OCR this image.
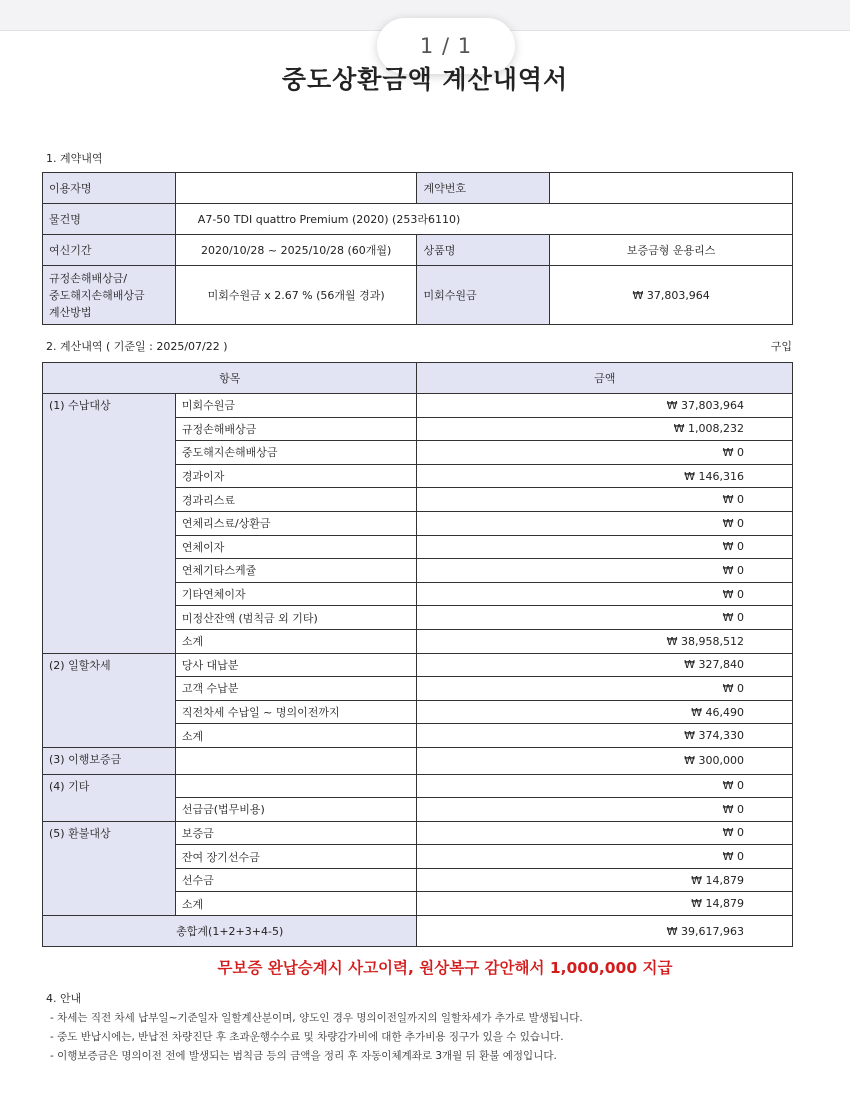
1 / 1
중도상환금액 계산내역서
1. 계약내역
이용자명		계약번호	
물건명	A7-50 TDI quattro Premium (2020) (253라6110)		
여신기간	2020/10/28 ~ 2025/10/28 (60개월)	상품명	보증금형 운용리스

규정손해배상금/
중도해지손해배상금
계산방법	미회수원금 x 2.67 % (56개월 경과)	미회수원금	₩ 37,803,964
2. 계산내역 ( 기준일 : 2025/07/22 )	구입
항목		금액
(1) 수납대상	미회수원금	₩ 37,803,964
	규정손해배상금	₩ 1,008,232
	중도해지손해배상금	₩ 0
	경과이자	₩ 146,316
	경과리스료	₩ 0
	연체리스료/상환금	₩ 0
	연체이자	₩ 0
	연체기타스케쥴	₩ 0
	기타연체이자	₩ 0
	미정산잔액 (범칙금 외 기타)	₩ 0
	소계	₩ 38,958,512
(2) 일할차세	당사 대납분	₩ 327,840
	고객 수납분	₩ 0
	직전차세 수납일 ~ 명의이전까지	₩ 46,490
	소계	₩ 374,330
(3) 이행보증금		₩ 300,000
(4) 기타		₩ 0
	선급금(법무비용)	₩ 0
(5) 환불대상	보증금	₩ 0
	잔여 장기선수금	₩ 0
	선수금	₩ 14,879
	소계	₩ 14,879
총합계(1+2+3+4-5)		₩ 39,617,963
무보증 완납승계시 사고이력, 원상복구 감안해서 1,000,000 지급
4. 안내
- 차세는 직전 차세 납부일~기준일자 일할계산분이며, 양도인 경우 명의이전일까지의 일할차세가 추가로 발생됩니다.
- 중도 반납시에는, 반납전 차량진단 후 초과운행수수료 및 차량감가비에 대한 추가비용 징구가 있을 수 있습니다.
- 이행보증금은 명의이전 전에 발생되는 범칙금 등의 금액을 정리 후 자동이체계좌로 3개월 뒤 환불 예정입니다.
